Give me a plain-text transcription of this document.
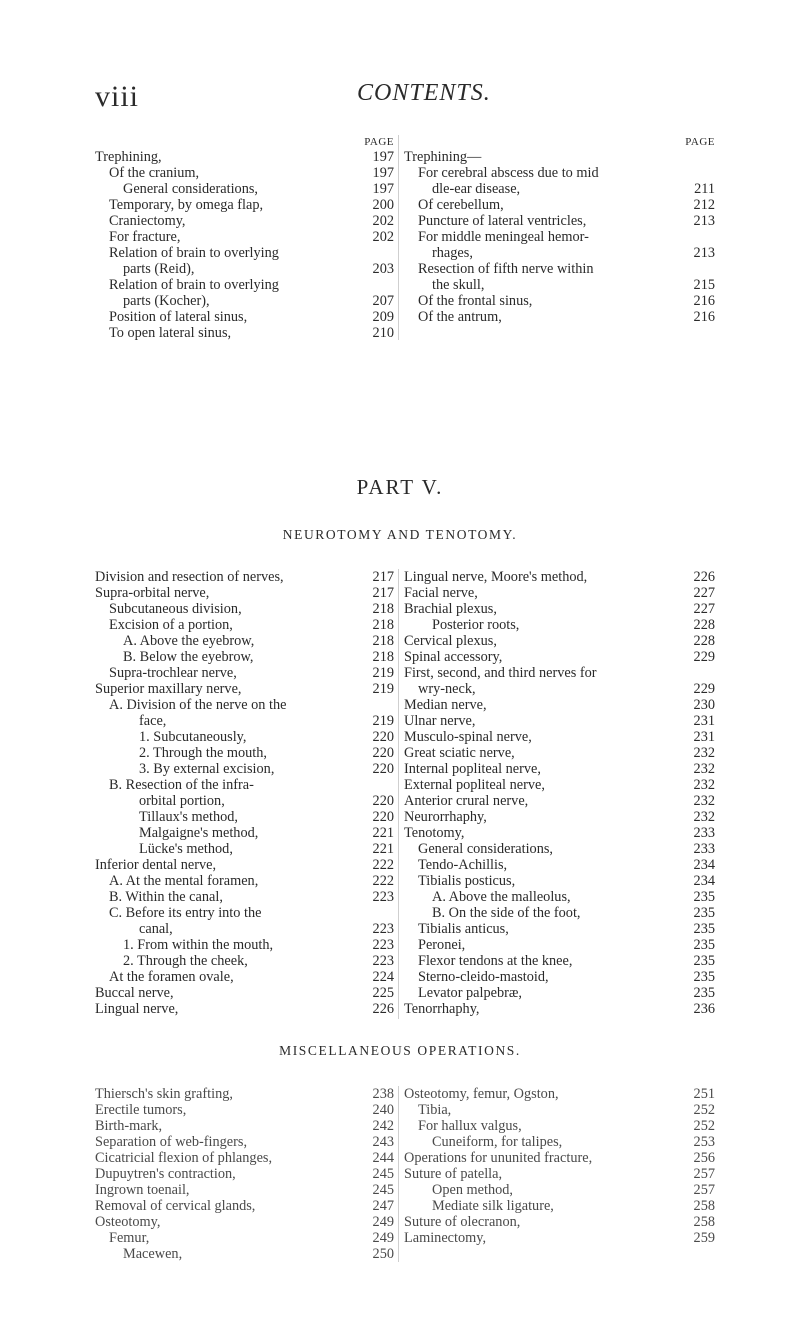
viii	CONTENTS.
PAGE
Trephining,	197
Of the cranium,	197
General considerations,	197
Temporary, by omega flap,	200
Craniectomy,	202
For fracture,	202
Relation of brain to overlying
parts (Reid),	203
Relation of brain to overlying
parts (Kocher),	207
Position of lateral sinus,	209
To open lateral sinus,	210
PAGE
Trephining—
For cerebral abscess due to mid
dle-ear disease,	211
Of cerebellum,	212
Puncture of lateral ventricles,	213
For middle meningeal hemor-
rhages,	213
Resection of fifth nerve within
the skull,	215
Of the frontal sinus,	216
Of the antrum,	216
PART V.
NEUROTOMY AND TENOTOMY.
Division and resection of nerves,	217
Supra-orbital nerve,	217
Subcutaneous division,	218
Excision of a portion,	218
A. Above the eyebrow,	218
B. Below the eyebrow,	218
Supra-trochlear nerve,	219
Superior maxillary nerve,	219
A. Division of the nerve on the
face,	219
1. Subcutaneously,	220
2. Through the mouth,	220
3. By external excision,	220
B. Resection of the infra-
orbital portion,	220
Tillaux's method,	220
Malgaigne's method,	221
Lücke's method,	221
Inferior dental nerve,	222
A. At the mental foramen,	222
B. Within the canal,	223
C. Before its entry into the
canal,	223
1. From within the mouth,	223
2. Through the cheek,	223
At the foramen ovale,	224
Buccal nerve,	225
Lingual nerve,	226
Lingual nerve, Moore's method,	226
Facial nerve,	227
Brachial plexus,	227
Posterior roots,	228
Cervical plexus,	228
Spinal accessory,	229
First, second, and third nerves for
wry-neck,	229
Median nerve,	230
Ulnar nerve,	231
Musculo-spinal nerve,	231
Great sciatic nerve,	232
Internal popliteal nerve,	232
External popliteal nerve,	232
Anterior crural nerve,	232
Neurorrhaphy,	232
Tenotomy,	233
General considerations,	233
Tendo-Achillis,	234
Tibialis posticus,	234
A. Above the malleolus,	235
B. On the side of the foot,	235
Tibialis anticus,	235
Peronei,	235
Flexor tendons at the knee,	235
Sterno-cleido-mastoid,	235
Levator palpebræ,	235
Tenorrhaphy,	236
MISCELLANEOUS OPERATIONS.
Thiersch's skin grafting,	238
Erectile tumors,	240
Birth-mark,	242
Separation of web-fingers,	243
Cicatricial flexion of phlanges,	244
Dupuytren's contraction,	245
Ingrown toenail,	245
Removal of cervical glands,	247
Osteotomy,	249
Femur,	249
Macewen,	250
Osteotomy, femur, Ogston,	251
Tibia,	252
For hallux valgus,	252
Cuneiform, for talipes,	253
Operations for ununited fracture,	256
Suture of patella,	257
Open method,	257
Mediate silk ligature,	258
Suture of olecranon,	258
Laminectomy,	259
